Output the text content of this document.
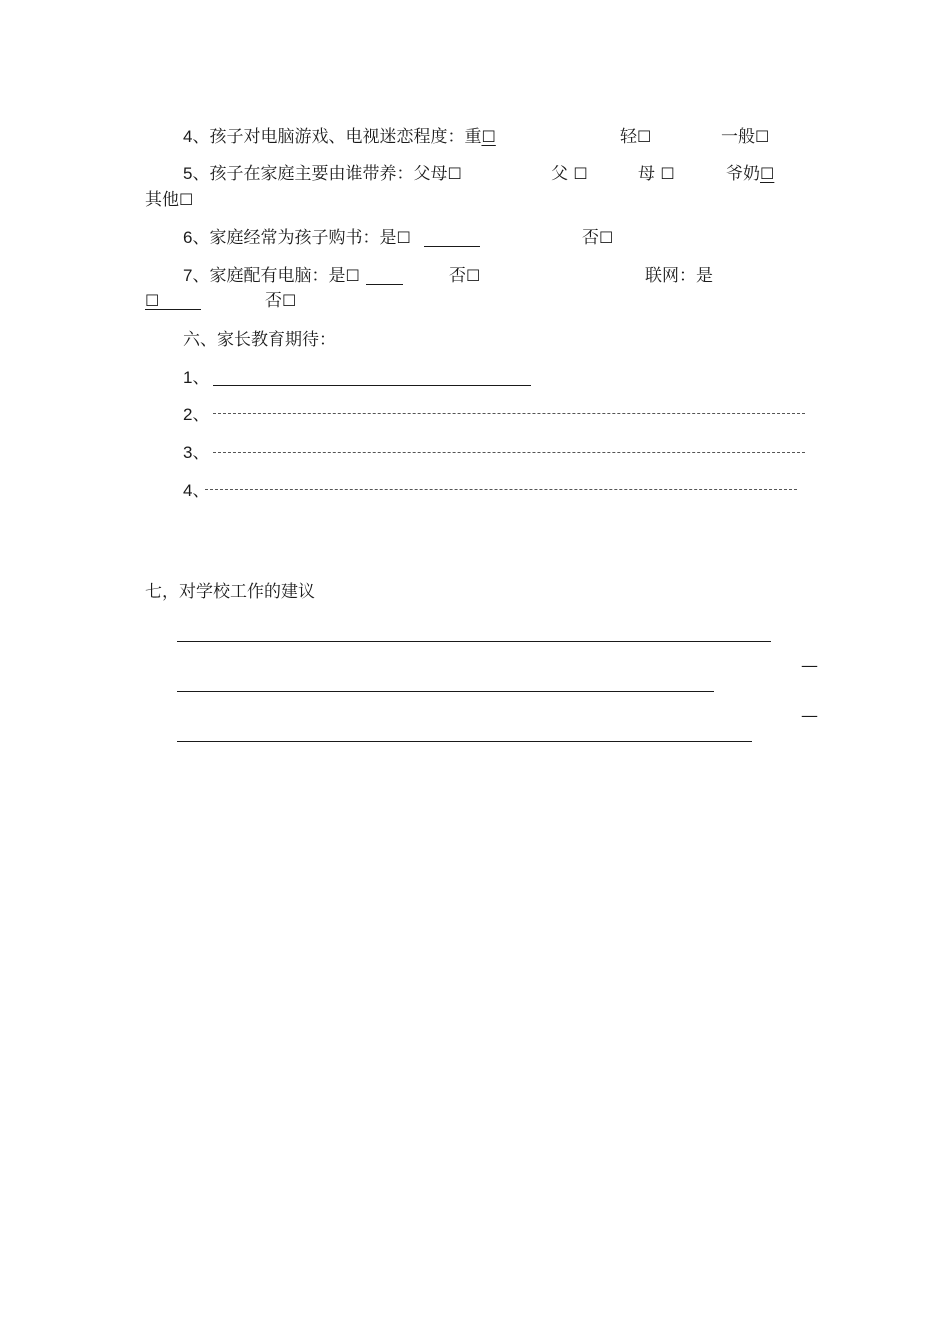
4、孩子对电脑游戏、电视迷恋程度：重☐	轻☐	一般☐
5、孩子在家庭主要由谁带养：父母☐	父 ☐	母 ☐	爷奶☐
其他☐
6、家庭经常为孩子购书：是☐	否☐
7、家庭配有电脑：是☐	否☐	联网：是
☐	否☐
六、家长教育期待：
1、
2、
3、
4、
七，对学校工作的建议
—
—
